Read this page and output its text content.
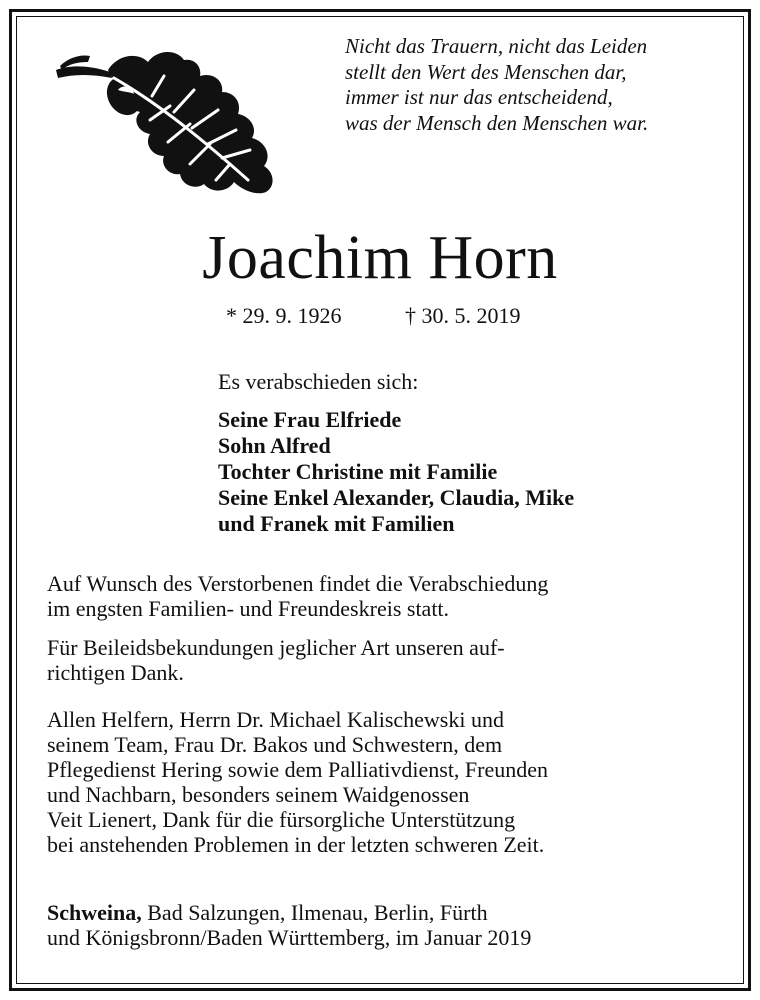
Nicht das Trauern, nicht das Leiden
stellt den Wert des Menschen dar,
immer ist nur das entscheidend,
was der Mensch den Menschen war.
Joachim Horn
* 29. 9. 1926	† 30. 5. 2019
Es verabschieden sich:
Seine Frau Elfriede
Sohn Alfred
Tochter Christine mit Familie
Seine Enkel Alexander, Claudia, Mike
und Franek mit Familien
Auf Wunsch des Verstorbenen findet die Verabschiedung
im engsten Familien- und Freundeskreis statt.
Für Beileidsbekundungen jeglicher Art unseren auf-
richtigen Dank.
Allen Helfern, Herrn Dr. Michael Kalischewski und
seinem Team, Frau Dr. Bakos und Schwestern, dem
Pflegedienst Hering sowie dem Palliativdienst, Freunden
und Nachbarn, besonders seinem Waidgenossen
Veit Lienert, Dank für die fürsorgliche Unterstützung
bei anstehenden Problemen in der letzten schweren Zeit.
Schweina, Bad Salzungen, Ilmenau, Berlin, Fürth
und Königsbronn/Baden Württemberg, im Januar 2019
